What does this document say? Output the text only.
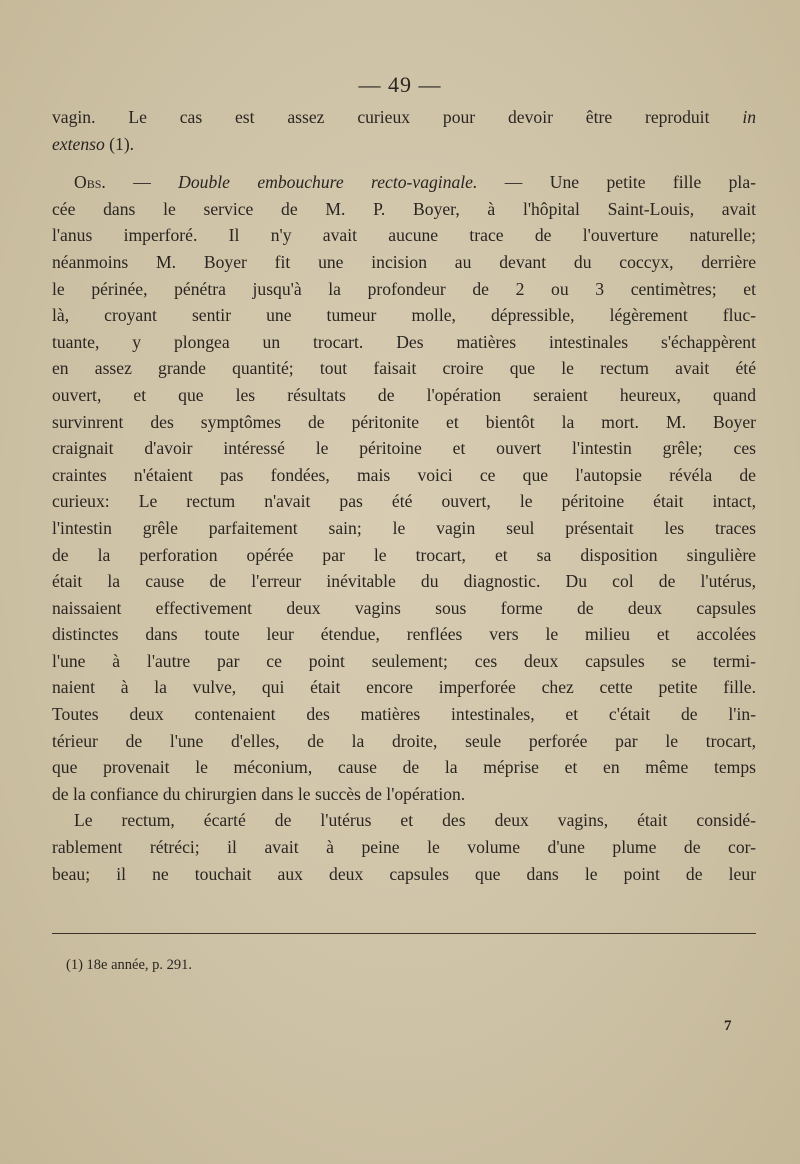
— 49 —

vagin. Le cas est assez curieux pour devoir être reproduit in

extenso (1).

Obs. — Double embouchure recto-vaginale. — Une petite fille pla-

cée dans le service de M. P. Boyer, à l'hôpital Saint-Louis, avait

l'anus imperforé. Il n'y avait aucune trace de l'ouverture naturelle;

néanmoins M. Boyer fit une incision au devant du coccyx, derrière

le périnée, pénétra jusqu'à la profondeur de 2 ou 3 centimètres; et

là, croyant sentir une tumeur molle, dépressible, légèrement fluc-

tuante, y plongea un trocart. Des matières intestinales s'échappèrent

en assez grande quantité; tout faisait croire que le rectum avait été

ouvert, et que les résultats de l'opération seraient heureux, quand

survinrent des symptômes de péritonite et bientôt la mort. M. Boyer

craignait d'avoir intéressé le péritoine et ouvert l'intestin grêle; ces

craintes n'étaient pas fondées, mais voici ce que l'autopsie révéla de

curieux: Le rectum n'avait pas été ouvert, le péritoine était intact,

l'intestin grêle parfaitement sain; le vagin seul présentait les traces

de la perforation opérée par le trocart, et sa disposition singulière

était la cause de l'erreur inévitable du diagnostic. Du col de l'utérus,

naissaient effectivement deux vagins sous forme de deux capsules

distinctes dans toute leur étendue, renflées vers le milieu et accolées

l'une à l'autre par ce point seulement; ces deux capsules se termi-

naient à la vulve, qui était encore imperforée chez cette petite fille.

Toutes deux contenaient des matières intestinales, et c'était de l'in-

térieur de l'une d'elles, de la droite, seule perforée par le trocart,

que provenait le méconium, cause de la méprise et en même temps

de la confiance du chirurgien dans le succès de l'opération.

Le rectum, écarté de l'utérus et des deux vagins, était considé-

rablement rétréci; il avait à peine le volume d'une plume de cor-

beau; il ne touchait aux deux capsules que dans le point de leur

(1) 18e année, p. 291.
7
